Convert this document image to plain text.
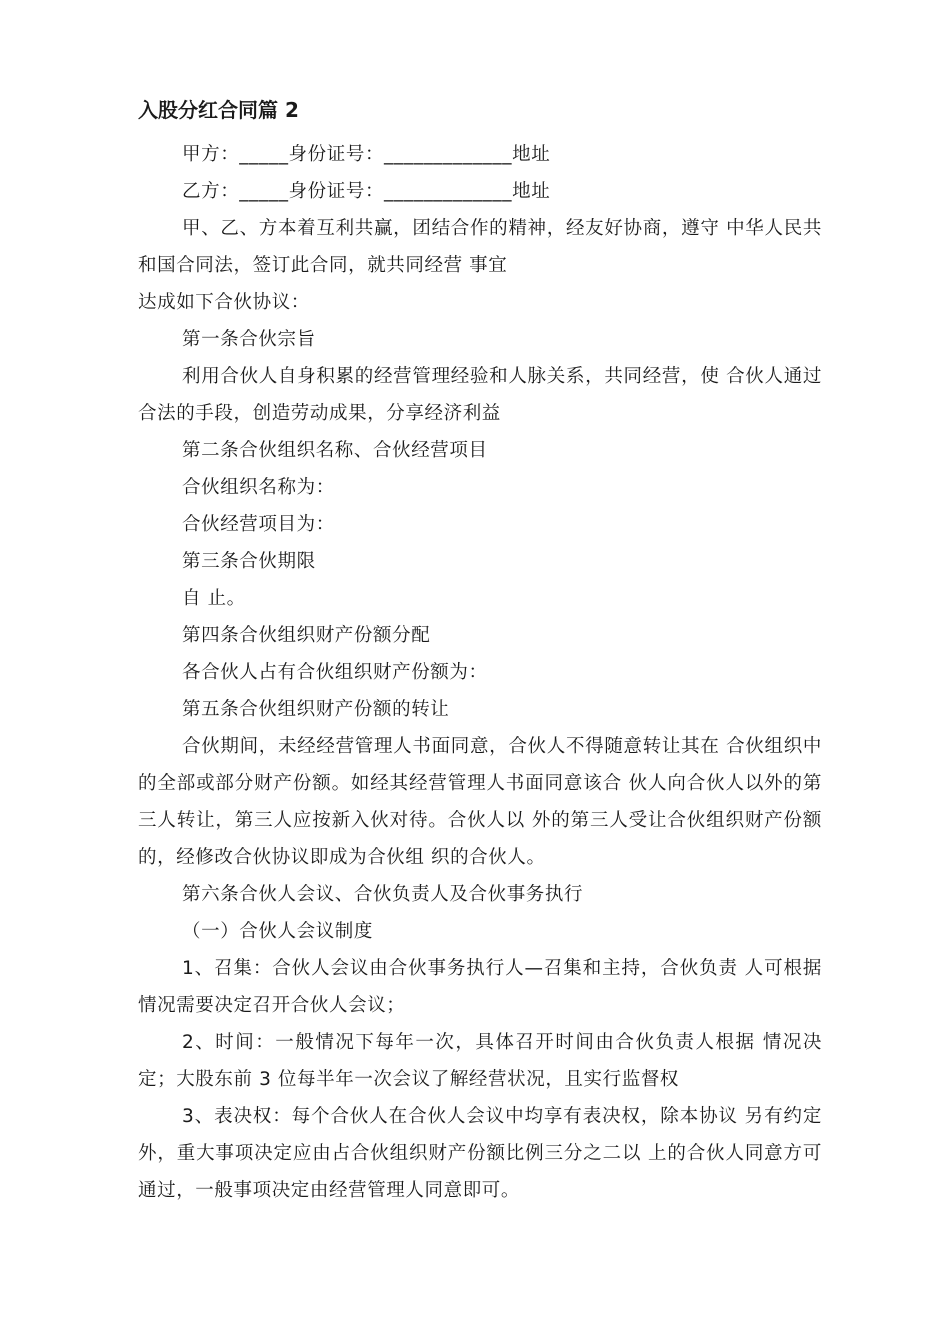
入股分红合同篇 2

甲方：_____身份证号：_____________地址

乙方：_____身份证号：_____________地址

甲、乙、方本着互利共赢，团结合作的精神，经友好协商，遵守 中华人民共和国合同法，签订此合同，就共同经营 事宜

达成如下合伙协议：

第一条合伙宗旨

利用合伙人自身积累的经营管理经验和人脉关系，共同经营，使 合伙人通过合法的手段，创造劳动成果，分享经济利益

第二条合伙组织名称、合伙经营项目

合伙组织名称为：

合伙经营项目为：

第三条合伙期限

自 止。

第四条合伙组织财产份额分配

各合伙人占有合伙组织财产份额为：

第五条合伙组织财产份额的转让

合伙期间，未经经营管理人书面同意，合伙人不得随意转让其在 合伙组织中的全部或部分财产份额。如经其经营管理人书面同意该合 伙人向合伙人以外的第三人转让，第三人应按新入伙对待。合伙人以 外的第三人受让合伙组织财产份额的，经修改合伙协议即成为合伙组 织的合伙人。

第六条合伙人会议、合伙负责人及合伙事务执行

（一）合伙人会议制度

1、召集：合伙人会议由合伙事务执行人—召集和主持，合伙负责 人可根据情况需要决定召开合伙人会议；

2、时间：一般情况下每年一次，具体召开时间由合伙负责人根据 情况决定；大股东前 3 位每半年一次会议了解经营状况，且实行监督权

3、表决权：每个合伙人在合伙人会议中均享有表决权，除本协议 另有约定外，重大事项决定应由占合伙组织财产份额比例三分之二以 上的合伙人同意方可通过，一般事项决定由经营管理人同意即可。
